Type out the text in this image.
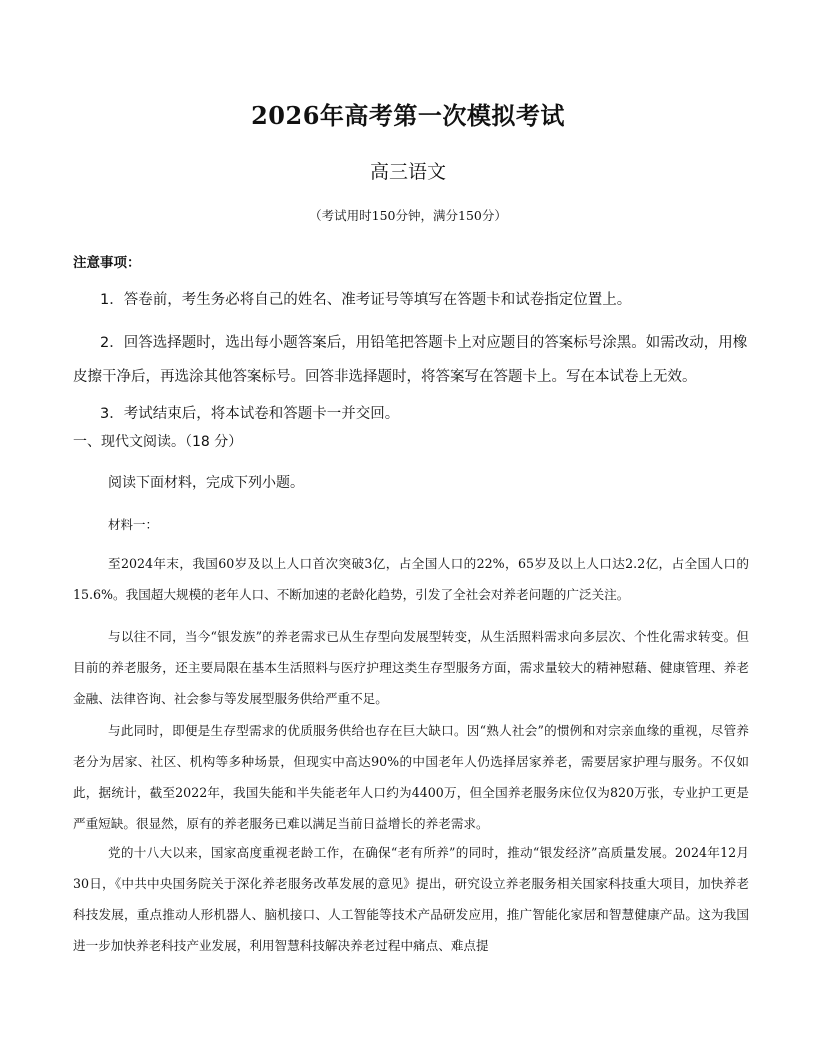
2026年高考第一次模拟考试
高三语文
（考试用时150分钟，满分150分）
注意事项：
1．答卷前，考生务必将自己的姓名、准考证号等填写在答题卡和试卷指定位置上。
2．回答选择题时，选出每小题答案后，用铅笔把答题卡上对应题目的答案标号涂黑。如需改动，用橡皮擦干净后，再选涂其他答案标号。回答非选择题时，将答案写在答题卡上。写在本试卷上无效。
3．考试结束后，将本试卷和答题卡一并交回。
一、现代文阅读。（18 分）
阅读下面材料，完成下列小题。
材料一：

至2024年末，我国60岁及以上人口首次突破3亿，占全国人口的22%，65岁及以上人口达2.2亿，占全国人口的15.6%。我国超大规模的老年人口、不断加速的老龄化趋势，引发了全社会对养老问题的广泛关注。

与以往不同，当今“银发族”的养老需求已从生存型向发展型转变，从生活照料需求向多层次、个性化需求转变。但目前的养老服务，还主要局限在基本生活照料与医疗护理这类生存型服务方面，需求量较大的精神慰藉、健康管理、养老金融、法律咨询、社会参与等发展型服务供给严重不足。

与此同时，即便是生存型需求的优质服务供给也存在巨大缺口。因“熟人社会”的惯例和对宗亲血缘的重视，尽管养老分为居家、社区、机构等多种场景，但现实中高达90%的中国老年人仍选择居家养老，需要居家护理与服务。不仅如此，据统计，截至2022年，我国失能和半失能老年人口约为4400万，但全国养老服务床位仅为820万张，专业护工更是严重短缺。很显然，原有的养老服务已难以满足当前日益增长的养老需求。

党的十八大以来，国家高度重视老龄工作，在确保“老有所养”的同时，推动“银发经济”高质量发展。2024年12月30日，《中共中央国务院关于深化养老服务改革发展的意见》提出，研究设立养老服务相关国家科技重大项目，加快养老科技发展，重点推动人形机器人、脑机接口、人工智能等技术产品研发应用，推广智能化家居和智慧健康产品。这为我国进一步加快养老科技产业发展，利用智慧科技解决养老过程中痛点、难点提
